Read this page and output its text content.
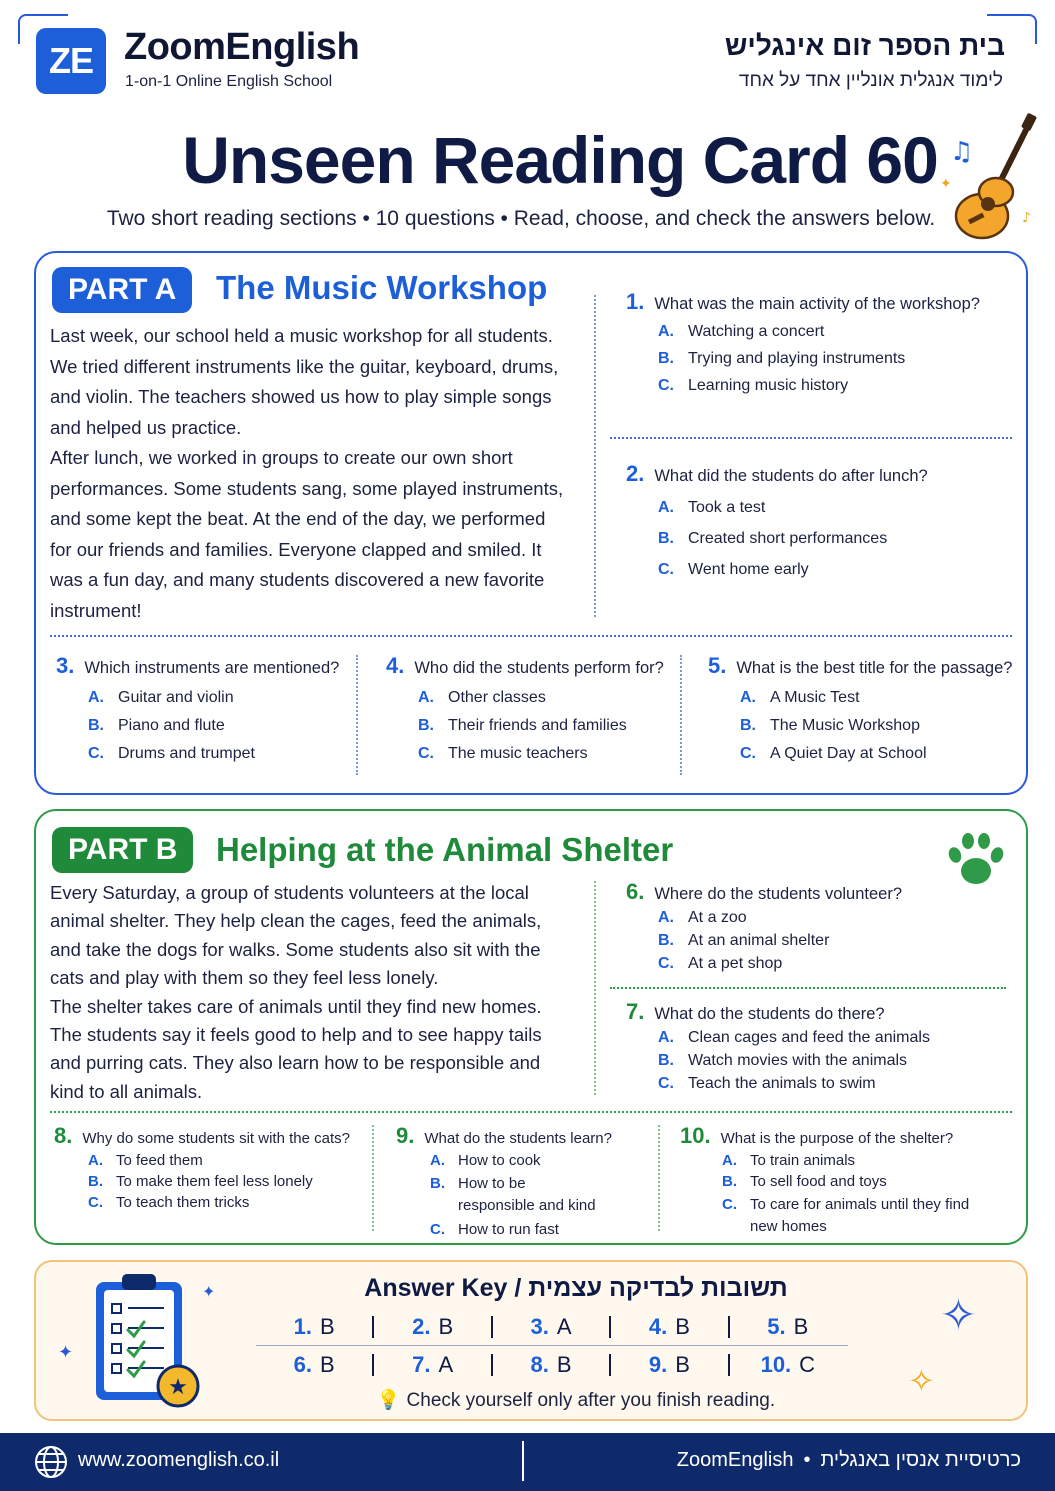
ZE ZoomEnglish
1-on-1 Online English School
בית הספר זום אינגליש
לימוד אנגלית אונליין אחד על אחד
Unseen Reading Card 60
Two short reading sections • 10 questions • Read, choose, and check the answers below.
♫
✦
♪
PART A	The Music Workshop

Last week, our school held a music workshop for all students. We tried different instruments like the guitar, keyboard, drums, and violin. The teachers showed us how to play simple songs and helped us practice.

After lunch, we worked in groups to create our own short performances. Some students sang, some played instruments, and some kept the beat. At the end of the day, we performed for our friends and families. Everyone clapped and smiled. It was a fun day, and many students discovered a new favorite instrument!

1. What was the main activity of the workshop?
A. Watching a concert
B. Trying and playing instruments
C. Learning music history
2. What did the students do after lunch?
A. Took a test
B. Created short performances
C. Went home early
3. Which instruments are mentioned?
A. Guitar and violin
B. Piano and flute
C. Drums and trumpet
4. Who did the students perform for?
A. Other classes
B. Their friends and families
C. The music teachers
5. What is the best title for the passage?
A. A Music Test
B. The Music Workshop
C. A Quiet Day at School
PART B	Helping at the Animal Shelter

Every Saturday, a group of students volunteers at the local animal shelter. They help clean the cages, feed the animals, and take the dogs for walks. Some students also sit with the cats and play with them so they feel less lonely.

The shelter takes care of animals until they find new homes. The students say it feels good to help and to see happy tails and purring cats. They also learn how to be responsible and kind to all animals.

6. Where do the students volunteer?
A. At a zoo
B. At an animal shelter
C. At a pet shop
7. What do the students do there?
A. Clean cages and feed the animals
B. Watch movies with the animals
C. Teach the animals to swim
8. Why do some students sit with the cats?
A. To feed them
B. To make them feel less lonely
C. To teach them tricks
9. What do the students learn?
A. How to cook
B. How to be responsible and kind
C. How to run fast
10. What is the purpose of the shelter?
A. To train animals
B. To sell food and toys
C. To care for animals until they find new homes
★
✦
✦
✧
✧
Answer Key / תשובות לבדיקה עצמית
1. B	2. B	3. A	4. B	5. B
6. B	7. A	8. B	9. B	10. C
💡 Check yourself only after you finish reading.
www.zoomenglish.co.il	ZoomEnglish • כרטיסיית אנסין באנגלית
